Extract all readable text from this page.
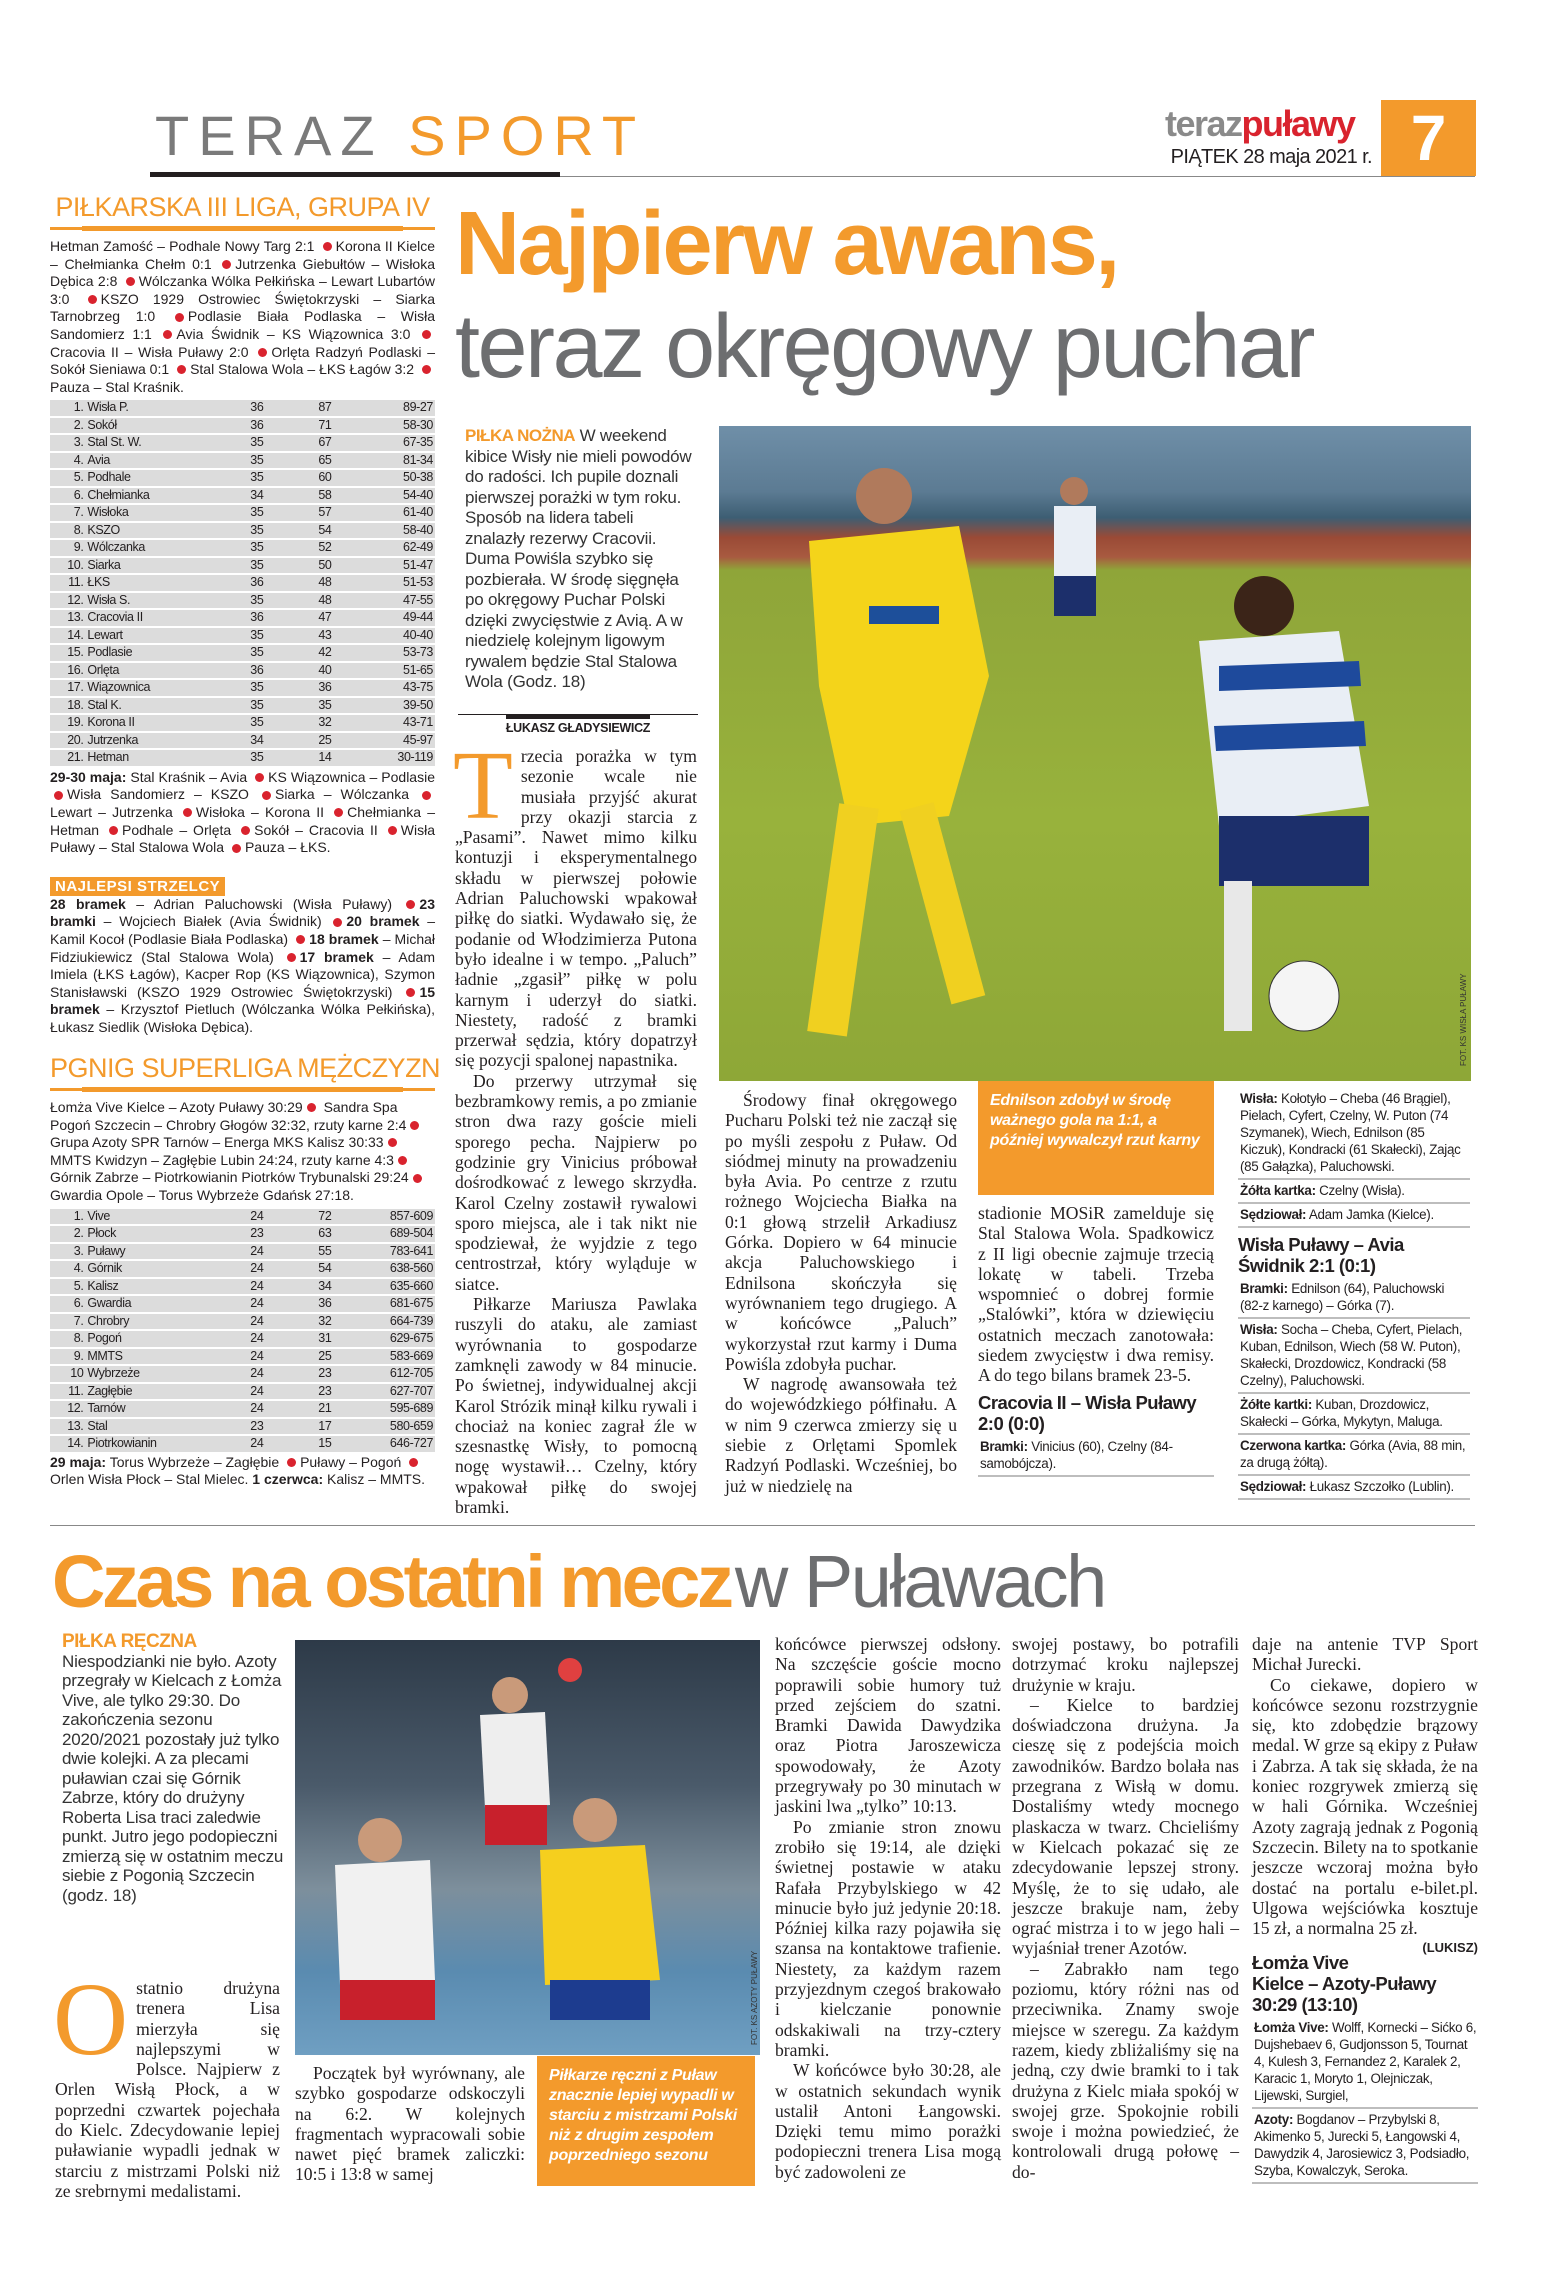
TERAZ SPORT	terazpuławy
PIĄTEK 28 maja 2021 r. 7
PIŁKARSKA III LIGA, GRUPA IV
Hetman Zamość – Podhale Nowy Targ 2:1 Korona II Kielce – Chełmianka Chełm 0:1 Jutrzenka Giebułtów – Wisłoka Dębica 2:8 Wólczanka Wólka Pełkińska – Lewart Lubartów 3:0 KSZO 1929 Ostrowiec Świętokrzyski – Siarka Tarnobrzeg 1:0 Podlasie Biała Podlaska – Wisła Sandomierz 1:1 Avia Świdnik – KS Wiązownica 3:0 Cracovia II – Wisła Puławy 2:0 Orlęta Radzyń Podlaski – Sokół Sieniawa 0:1 Stal Stalowa Wola – ŁKS Łagów 3:2 Pauza – Stal Kraśnik.
1.	Wisła P.	36	87	89-27
2.	Sokół	36	71	58-30
3.	Stal St. W.	35	67	67-35
4.	Avia	35	65	81-34
5.	Podhale	35	60	50-38
6.	Chełmianka	34	58	54-40
7.	Wisłoka	35	57	61-40
8.	KSZO	35	54	58-40
9.	Wólczanka	35	52	62-49
10.	Siarka	35	50	51-47
11.	ŁKS	36	48	51-53
12.	Wisła S.	35	48	47-55
13.	Cracovia II	36	47	49-44
14.	Lewart	35	43	40-40
15.	Podlasie	35	42	53-73
16.	Orlęta	36	40	51-65
17.	Wiązownica	35	36	43-75
18.	Stal K.	35	35	39-50
19.	Korona II	35	32	43-71
20.	Jutrzenka	34	25	45-97
21.	Hetman	35	14	30-119
29-30 maja: Stal Kraśnik – Avia KS Wiązownica – Podlasie Wisła Sandomierz – KSZO Siarka – Wólczanka Lewart – Jutrzenka Wisłoka – Korona II Chełmianka – Hetman Podhale – Orlęta Sokół – Cracovia II Wisła Puławy – Stal Stalowa Wola Pauza – ŁKS.
NAJLEPSI STRZELCY
28 bramek – Adrian Paluchowski (Wisła Puławy) 23 bramki – Wojciech Białek (Avia Świdnik) 20 bramek – Kamil Kocoł (Podlasie Biała Podlaska) 18 bramek – Michał Fidziukiewicz (Stal Stalowa Wola) 17 bramek – Adam Imiela (ŁKS Łagów), Kacper Rop (KS Wiązownica), Szymon Stanisławski (KSZO 1929 Ostrowiec Świętokrzyski) 15 bramek – Krzysztof Pietluch (Wólczanka Wólka Pełkińska), Łukasz Siedlik (Wisłoka Dębica).
PGNIG SUPERLIGA MĘŻCZYZN
Łomża Vive Kielce – Azoty Puławy 30:29 Sandra Spa Pogoń Szczecin – Chrobry Głogów 32:32, rzuty karne 2:4 Grupa Azoty SPR Tarnów – Energa MKS Kalisz 30:33 MMTS Kwidzyn – Zagłębie Lubin 24:24, rzuty karne 4:3 Górnik Zabrze – Piotrkowianin Piotrków Trybunalski 29:24 Gwardia Opole – Torus Wybrzeże Gdańsk 27:18.
1.	Vive	24	72	857-609
2.	Płock	23	63	689-504
3.	Puławy	24	55	783-641
4.	Górnik	24	54	638-560
5.	Kalisz	24	34	635-660
6.	Gwardia	24	36	681-675
7.	Chrobry	24	32	664-739
8.	Pogoń	24	31	629-675
9.	MMTS	24	25	583-669
10	Wybrzeże	24	23	612-705
11.	Zagłębie	24	23	627-707
12.	Tarnów	24	21	595-689
13.	Stal	23	17	580-659
14.	Piotrkowianin	24	15	646-727
29 maja: Torus Wybrzeże – Zagłębie Puławy – Pogoń Orlen Wisła Płock – Stal Mielec. 1 czerwca: Kalisz – MMTS.
Najpierw awans,
teraz okręgowy puchar
PIŁKA NOŻNA W weekend kibice Wisły nie mieli powodów do radości. Ich pupile doznali pierwszej porażki w tym roku. Sposób na lidera tabeli znalazły rezerwy Cracovii. Duma Powiśla szybko się pozbierała. W środę sięgnęła po okręgowy Puchar Polski dzięki zwycięstwie z Avią. A w niedzielę kolejnym ligowym rywalem będzie Stal Stalowa Wola (Godz. 18)
ŁUKASZ GŁADYSIEWICZ

Trzecia porażka w tym sezonie wcale nie musiała przyjść akurat przy okazji starcia z „Pasami”. Nawet mimo kilku kontuzji i eksperymentalnego składu w pierwszej połowie Adrian Paluchowski wpakował piłkę do siatki. Wydawało się, że podanie od Włodzimierza Putona było idealne i w tempo. „Paluch” ładnie „zgasił” piłkę w polu karnym i uderzył do siatki. Niestety, radość z bramki przerwał sędzia, który dopatrzył się pozycji spalonej napastnika.

Do przerwy utrzymał się bezbramkowy remis, a po zmianie stron dwa razy goście mieli sporego pecha. Najpierw po godzinie gry Vinicius próbował dośrodkować z lewego skrzydła. Karol Czelny zostawił rywalowi sporo miejsca, ale i tak nikt nie spodziewał, że wyjdzie z tego centrostrzał, który wyląduje w siatce.

Piłkarze Mariusza Pawlaka ruszyli do ataku, ale zamiast wyrównania to gospodarze zamknęli zawody w 84 minucie. Po świetnej, indywidualnej akcji Karol Strózik minął kilku rywali i chociaż na koniec zagrał źle w szesnastkę Wisły, to pomocną nogę wystawił… Czelny, który wpakował piłkę do swojej bramki.

FOT. KS WISŁA PUŁAWY

Środowy finał okręgowego Pucharu Polski też nie zaczął się po myśli zespołu z Puław. Od siódmej minuty na prowadzeniu była Avia. Po centrze z rzutu rożnego Wojciecha Białka na 0:1 głową strzelił Arkadiusz Górka. Dopiero w 64 minucie akcja Paluchowskiego i Ednilsona skończyła się wyrównaniem tego drugiego. A w końcówce „Paluch” wykorzystał rzut karmy i Duma Powiśla zdobyła puchar.

W nagrodę awansowała też do wojewódzkiego półfinału. A w nim 9 czerwca zmierzy się u siebie z Orlętami Spomlek Radzyń Podlaski. Wcześniej, bo już w niedzielę na

Ednilson zdobył w środę ważnego gola na 1:1, a później wywalczył rzut karny

stadionie MOSiR zamelduje się Stal Stalowa Wola. Spadkowicz z II ligi obecnie zajmuje trzecią lokatę w tabeli. Trzeba wspomnieć o dobrej formie „Stalówki”, która w dziewięciu ostatnich meczach zanotowała: siedem zwycięstw i dwa remisy. A do tego bilans bramek 23-5.

Cracovia II – Wisła Puławy 2:0 (0:0)
Bramki: Vinicius (60), Czelny (84-samobójcza).
Wisła: Kołotyło – Cheba (46 Brągiel), Pielach, Cyfert, Czelny, W. Puton (74 Szymanek), Wiech, Ednilson (85 Kiczuk), Kondracki (61 Skałecki), Zając (85 Gałązka), Paluchowski.
Żółta kartka: Czelny (Wisła).
Sędziował: Adam Jamka (Kielce).
Wisła Puławy – Avia Świdnik 2:1 (0:1)
Bramki: Ednilson (64), Paluchowski (82-z karnego) – Górka (7).
Wisła: Socha – Cheba, Cyfert, Pielach, Kuban, Ednilson, Wiech (58 W. Puton), Skałecki, Drozdowicz, Kondracki (58 Czelny), Paluchowski.
Żółte kartki: Kuban, Drozdowicz, Skałecki – Górka, Mykytyn, Maluga.
Czerwona kartka: Górka (Avia, 88 min, za drugą żółtą).
Sędziował: Łukasz Szczołko (Lublin).
Czas na ostatni mecz w Puławach
PIŁKA RĘCZNA
Niespodzianki nie było. Azoty przegrały w Kielcach z Łomża Vive, ale tylko 29:30. Do zakończenia sezonu 2020/2021 pozostały już tylko dwie kolejki. A za plecami puławian czai się Górnik Zabrze, który do drużyny Roberta Lisa traci zaledwie punkt. Jutro jego podopieczni zmierzą się w ostatnim meczu siebie z Pogonią Szczecin (godz. 18)

Ostatnio drużyna trenera Lisa mierzyła się najlepszymi w Polsce. Najpierw z Orlen Wisłą Płock, a w poprzedni czwartek pojechała do Kielc. Zdecydowanie lepiej puławianie wypadli jednak w starciu z mistrzami Polski niż ze srebrnymi medalistami.

FOT. KS AZOTY PUŁAWY

Początek był wyrównany, ale szybko gospodarze odskoczyli na 6:2. W kolejnych fragmentach wypracowali sobie nawet pięć bramek zaliczki: 10:5 i 13:8 w samej

Piłkarze ręczni z Puław znacznie lepiej wypadli w starciu z mistrzami Polski niż z drugim zespołem poprzedniego sezonu

końcówce pierwszej odsłony. Na szczęście goście mocno poprawili sobie humory tuż przed zejściem do szatni. Bramki Dawida Dawydzika oraz Piotra Jaroszewicza spowodowały, że Azoty przegrywały po 30 minutach w jaskini lwa „tylko” 10:13.

Po zmianie stron znowu zrobiło się 19:14, ale dzięki świetnej postawie w ataku Rafała Przybylskiego w 42 minucie było już jedynie 20:18. Później kilka razy pojawiła się szansa na kontaktowe trafienie. Niestety, za każdym razem przyjezdnym czegoś brakowało i kielczanie ponownie odskakiwali na trzy-cztery bramki.

W końcówce było 30:28, ale w ostatnich sekundach wynik ustalił Antoni Łangowski. Dzięki temu mimo porażki podopieczni trenera Lisa mogą być zadowoleni ze

swojej postawy, bo potrafili dotrzymać kroku najlepszej drużynie w kraju.

– Kielce to bardziej doświadczona drużyna. Ja cieszę się z podejścia moich zawodników. Bardzo bolała nas przegrana z Wisłą w domu. Dostaliśmy wtedy mocnego plaskacza w twarz. Chcieliśmy w Kielcach pokazać się ze zdecydowanie lepszej strony. Myślę, że to się udało, ale jeszcze brakuje nam, żeby ograć mistrza i to w jego hali – wyjaśniał trener Azotów.

– Zabrakło nam tego poziomu, który różni nas od przeciwnika. Znamy swoje miejsce w szeregu. Za każdym razem, kiedy zbliżaliśmy się na jedną, czy dwie bramki to i tak drużyna z Kielc miała spokój w swojej grze. Spokojnie robili swoje i można powiedzieć, że kontrolowali drugą połowę – do-

daje na antenie TVP Sport Michał Jurecki.

Co ciekawe, dopiero w końcówce sezonu rozstrzygnie się, kto zdobędzie brązowy medal. W grze są ekipy z Puław i Zabrza. A tak się składa, że na koniec rozgrywek zmierzą się w hali Górnika. Wcześniej Azoty zagrają jednak z Pogonią Szczecin. Bilety na to spotkanie jeszcze wczoraj można było dostać na portalu e-bilet.pl. Ulgowa wejściówka kosztuje 15 zł, a normalna 25 zł.
(LUKISZ)

Łomża Vive Kielce – Azoty-Puławy 30:29 (13:10)
Łomża Vive: Wolff, Kornecki – Sićko 6, Dujshebaev 6, Gudjonsson 5, Tournat 4, Kulesh 3, Fernandez 2, Karalek 2, Karacic 1, Moryto 1, Olejniczak, Lijewski, Surgiel,
Azoty: Bogdanov – Przybylski 8, Akimenko 5, Jurecki 5, Łangowski 4, Dawydzik 4, Jarosiewicz 3, Podsiadło, Szyba, Kowalczyk, Seroka.
